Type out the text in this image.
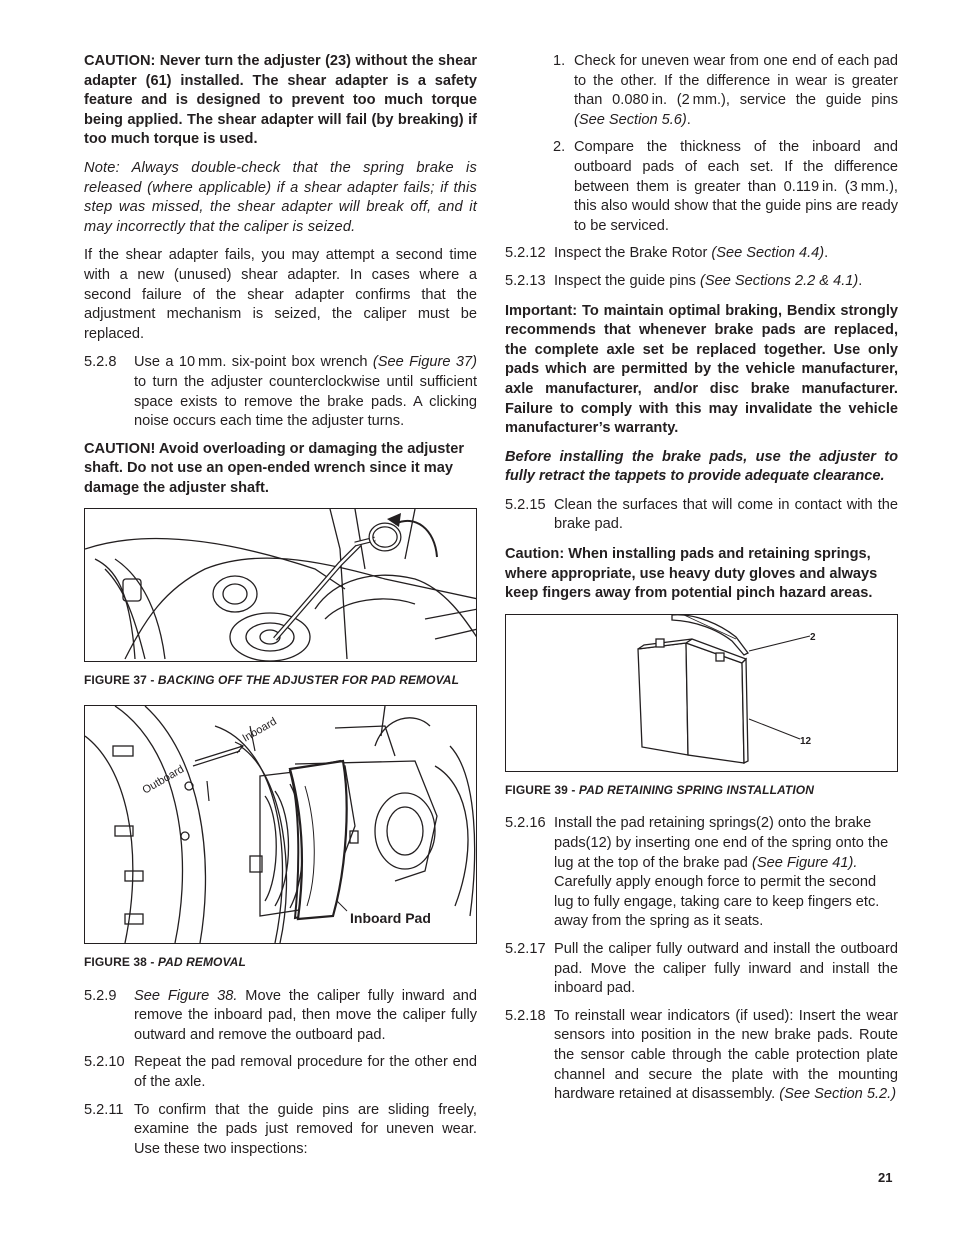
CAUTION: Never turn the adjuster (23) without the shear adapter (61) installed. The shear adapter is a safety feature and is designed to prevent too much torque being applied. The shear adapter will fail (by breaking) if too much torque is used.

Note: Always double-check that the spring brake is released (where applicable) if a shear adapter fails; if this step was missed, the shear adapter will break off, and it may incorrectly that the caliper is seized.

If the shear adapter fails, you may attempt a second time with a new (unused) shear adapter. In cases where a second failure of the shear adapter confirms that the adjustment mechanism is seized, the caliper must be replaced.

5.2.8	Use a 10 mm. six-point box wrench (See Figure 37) to turn the adjuster counterclockwise until sufficient space exists to remove the brake pads. A clicking noise occurs each time the adjuster turns.

CAUTION! Avoid overloading or damaging the adjuster shaft. Do not use an open-ended wrench since it may damage the adjuster shaft.

FIGURE 37 - BACKING OFF THE ADJUSTER FOR PAD REMOVAL
Inboard
Outboard
Inboard Pad
FIGURE 38 - PAD REMOVAL
5.2.9	See Figure 38. Move the caliper fully inward and remove the inboard pad, then move the caliper fully outward and remove the outboard pad.
5.2.10 Repeat the pad removal procedure for the other end of the axle.
5.2.11 To confirm that the guide pins are sliding freely, examine the pads just removed for uneven wear. Use these two inspections:
1. Check for uneven wear from one end of each pad to the other. If the difference in wear is greater than 0.080 in. (2 mm.), service the guide pins (See Section 5.6).
2. Compare the thickness of the inboard and outboard pads of each set. If the difference between them is greater than 0.119 in. (3 mm.), this also would show that the guide pins are ready to be serviced.
5.2.12 Inspect the Brake Rotor (See Section 4.4).
5.2.13 Inspect the guide pins (See Sections 2.2 & 4.1).

Important: To maintain optimal braking, Bendix strongly recommends that whenever brake pads are replaced, the complete axle set be replaced together. Use only pads which are permitted by the vehicle manufacturer, axle manufacturer, and/or disc brake manufacturer. Failure to comply with this may invalidate the vehicle manufacturer’s warranty.

Before installing the brake pads, use the adjuster to fully retract the tappets to provide adequate clearance.

5.2.15 Clean the surfaces that will come in contact with the brake pad.

Caution: When installing pads and retaining springs, where appropriate, use heavy duty gloves and always keep fingers away from potential pinch hazard areas.

2
12
FIGURE 39 - PAD RETAINING SPRING INSTALLATION
5.2.16 Install the pad retaining springs(2) onto the brake pads(12) by inserting one end of the spring onto the lug at the top of the brake pad (See Figure 41). Carefully apply enough force to permit the second lug to fully engage, taking care to keep fingers etc. away from the spring as it seats.
5.2.17 Pull the caliper fully outward and install the outboard pad. Move the caliper fully inward and install the inboard pad.
5.2.18 To reinstall wear indicators (if used): Insert the wear sensors into position in the new brake pads. Route the sensor cable through the cable protection plate channel and secure the plate with the mounting hardware retained at disassembly. (See Section 5.2.)
21
